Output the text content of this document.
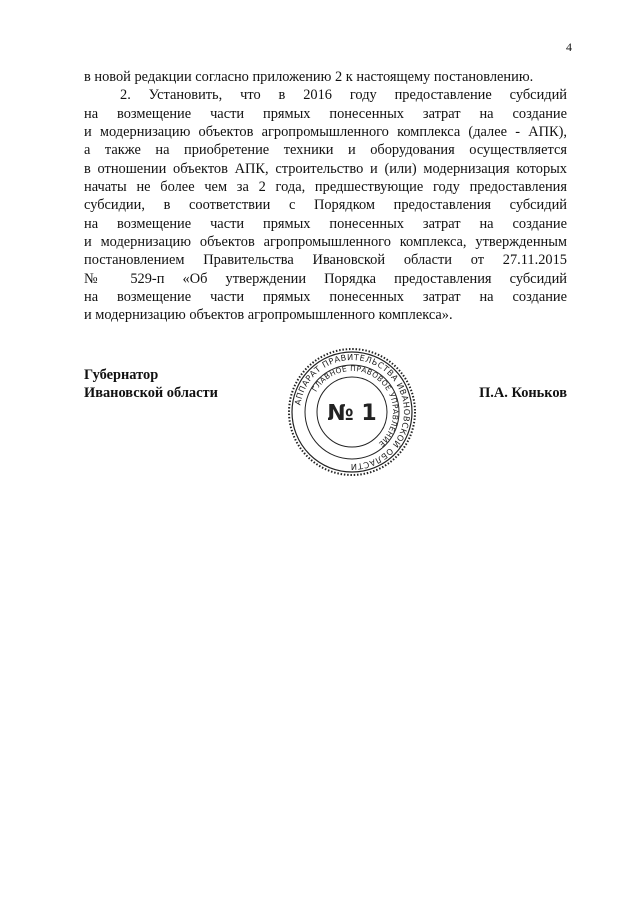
4
в новой редакции согласно приложению 2 к настоящему постановлению.
2. Установить, что в 2016 году предоставление субсидий
на возмещение части прямых понесенных затрат на создание
и модернизацию объектов агропромышленного комплекса (далее - АПК),
а также на приобретение техники и оборудования осуществляется
в отношении объектов АПК, строительство и (или) модернизация которых
начаты не более чем за 2 года, предшествующие году предоставления
субсидии, в соответствии с Порядком предоставления субсидий
на возмещение части прямых понесенных затрат на создание
и модернизацию объектов агропромышленного комплекса, утвержденным
постановлением Правительства Ивановской области от 27.11.2015
№ 529-п «Об утверждении Порядка предоставления субсидий
на возмещение части прямых понесенных затрат на создание
и модернизацию объектов агропромышленного комплекса».
Губернатор
Ивановской области	П.А. Коньков
АППАРАТ ПРАВИТЕЛЬСТВА ИВАНОВСКОЙ ОБЛАСТИ
ГЛАВНОЕ ПРАВОВОЕ УПРАВЛЕНИЕ
№ 1
